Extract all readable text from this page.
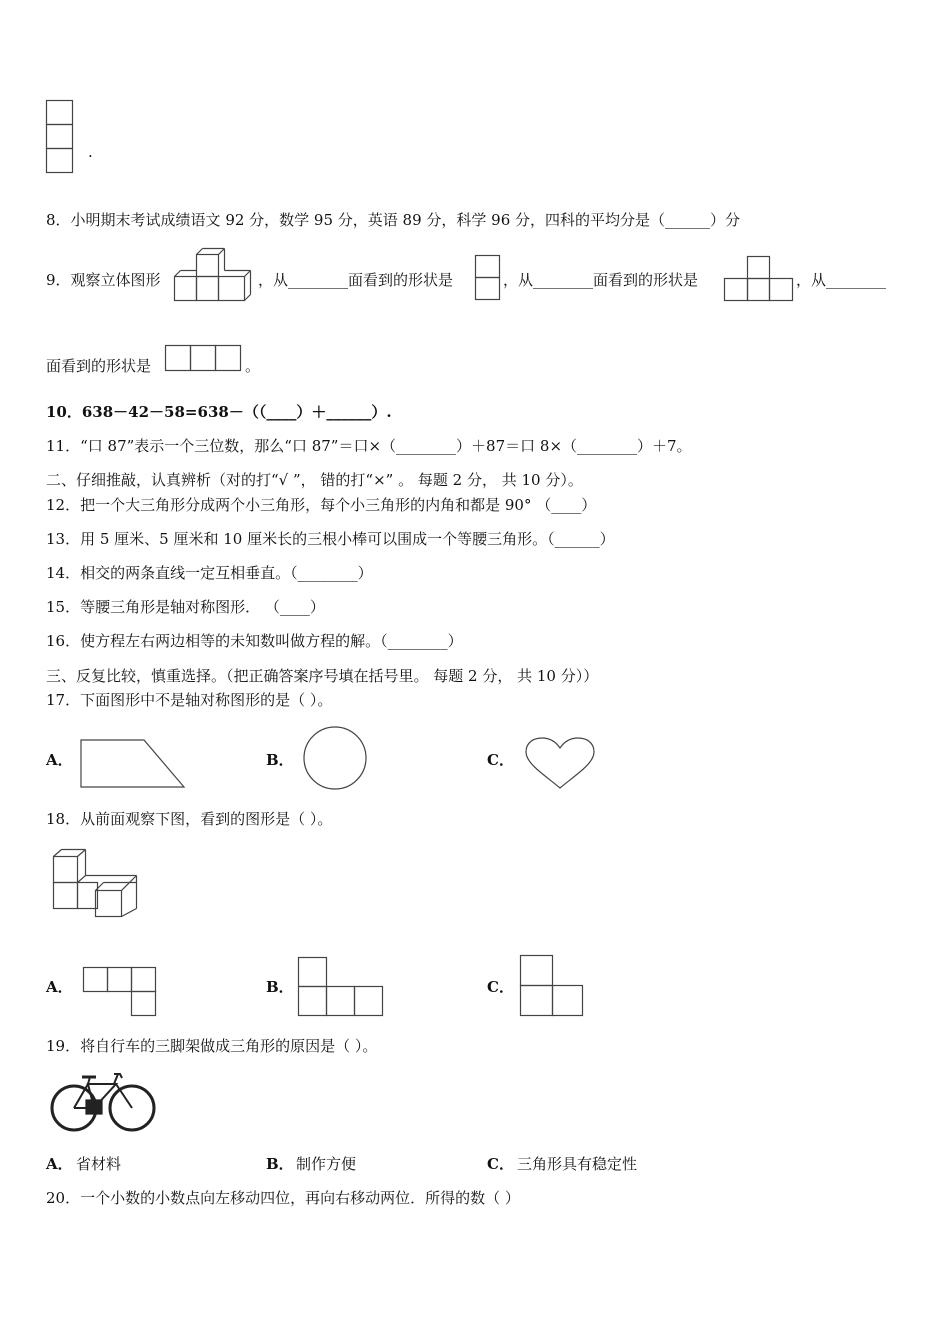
.
8．小明期末考试成绩语文 92 分，数学 95 分，英语 89 分，科学 96 分，四科的平均分是（______）分
9．观察立体图形	，从________面看到的形状是	，从________面看到的形状是	，从________
面看到的形状是	。
10．638－42－58=638－（（____）＋______）.
11．“口 87”表示一个三位数，那么“口 87”＝口×（________）＋87＝口 8×（________）＋7。
二、仔细推敲，认真辨析（对的打“√ ”， 错的打“×” 。 每题 2 分， 共 10 分）。
12．把一个大三角形分成两个小三角形，每个小三角形的内角和都是 90° （____）
13．用 5 厘米、5 厘米和 10 厘米长的三根小棒可以围成一个等腰三角形。（______）
14．相交的两条直线一定互相垂直。（________）
15．等腰三角形是轴对称图形． （____）
16．使方程左右两边相等的未知数叫做方程的解。（________）
三、反复比较，慎重选择。（把正确答案序号填在括号里。 每题 2 分， 共 10 分））
17．下面图形中不是轴对称图形的是（ ）。
A．	B．	C．
18．从前面观察下图，看到的图形是（ ）。
A．	B．	C．
19．将自行车的三脚架做成三角形的原因是（ ）。
A． 省材料	B． 制作方便	C． 三角形具有稳定性
20．一个小数的小数点向左移动四位，再向右移动两位．所得的数（ ）
